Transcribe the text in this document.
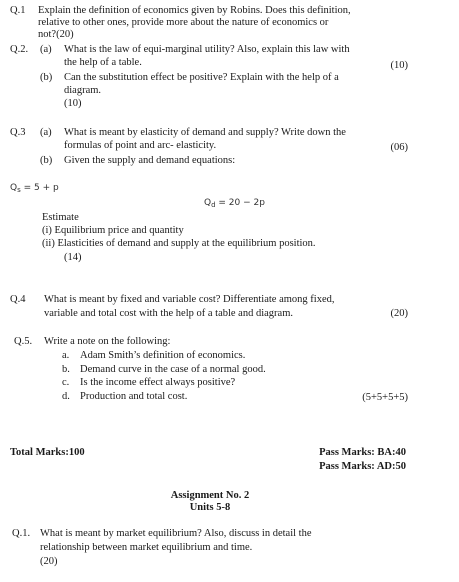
Q.1 Explain the definition of economics given by Robins. Does this definition,
relative to other ones, provide more about the nature of economics or
not?(20)
Q.2. (a) What is the law of equi-marginal utility? Also, explain this law with
the help of a table.	(10)
(b) Can the substitution effect be positive? Explain with the help of a
diagram.
(10)
Q.3 (a) What is meant by elasticity of demand and supply? Write down the
formulas of point and arc- elasticity.	(06)
(b) Given the supply and demand equations:
$Q_s = 5 + p$
$Q_d = 20 - 2p$
Estimate
(i) Equilibrium price and quantity
(ii) Elasticities of demand and supply at the equilibrium position.
(14)
Q.4 What is meant by fixed and variable cost? Differentiate among fixed,
variable and total cost with the help of a table and diagram.	(20)
Q.5. Write a note on the following:
a. Adam Smith’s definition of economics.
b. Demand curve in the case of a normal good.
c. Is the income effect always positive?
d. Production and total cost.	(5+5+5+5)
Total Marks:100	Pass Marks: BA:40
Pass Marks: AD:50
Assignment No. 2
Units 5-8
Q.1. What is meant by market equilibrium? Also, discuss in detail the
relationship between market equilibrium and time.
(20)
